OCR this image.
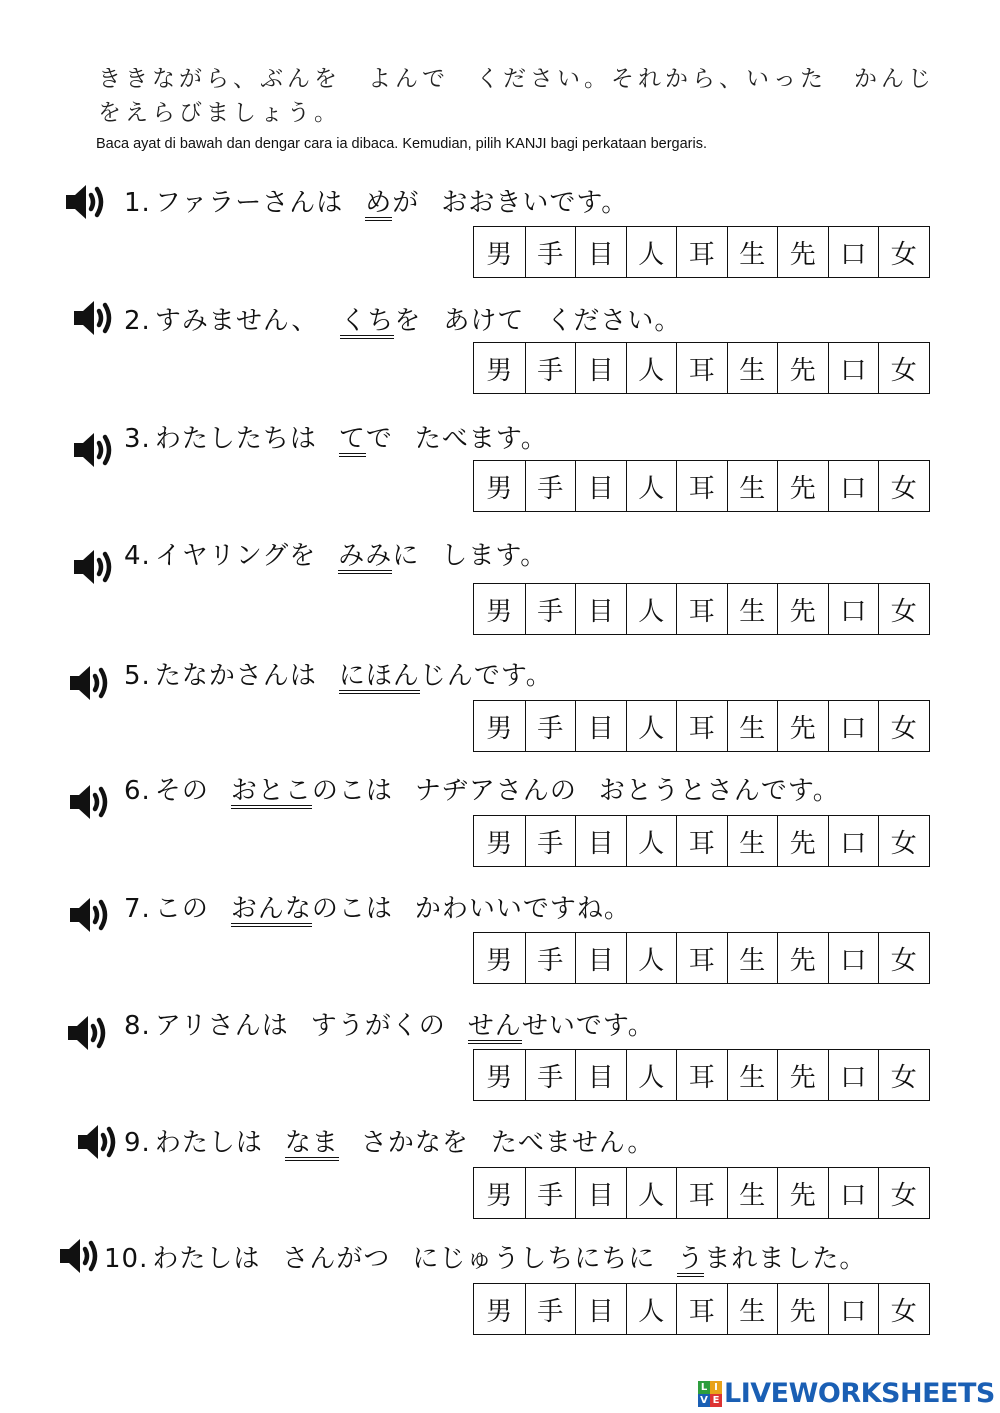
ききながら、ぶんを　よんで　ください。それから、いった　かんじ
をえらびましょう。
Baca ayat di bawah dan dengar cara ia dibaca. Kemudian, pilih KANJI bagi perkataan bergaris.
1. ファラーさんは めが おおきいです。
男 手 目 人 耳 生 先 口 女
2. すみません、 くちを あけて ください。
男 手 目 人 耳 生 先 口 女
3. わたしたちは てで たべます。
男 手 目 人 耳 生 先 口 女
4. イヤリングを みみに します。
男 手 目 人 耳 生 先 口 女
5. たなかさんは にほんじんです。
男 手 目 人 耳 生 先 口 女
6. その おとこのこは ナヂアさんの おとうとさんです。
男 手 目 人 耳 生 先 口 女
7. この おんなのこは かわいいですね。
男 手 目 人 耳 生 先 口 女
8. アリさんは すうがくの せんせいです。
男 手 目 人 耳 生 先 口 女
9. わたしは なま さかなを たべません。
男 手 目 人 耳 生 先 口 女
10. わたしは さんがつ にじゅうしちにちに うまれました。
男 手 目 人 耳 生 先 口 女
L I
V E LIVEWORKSHEETS
